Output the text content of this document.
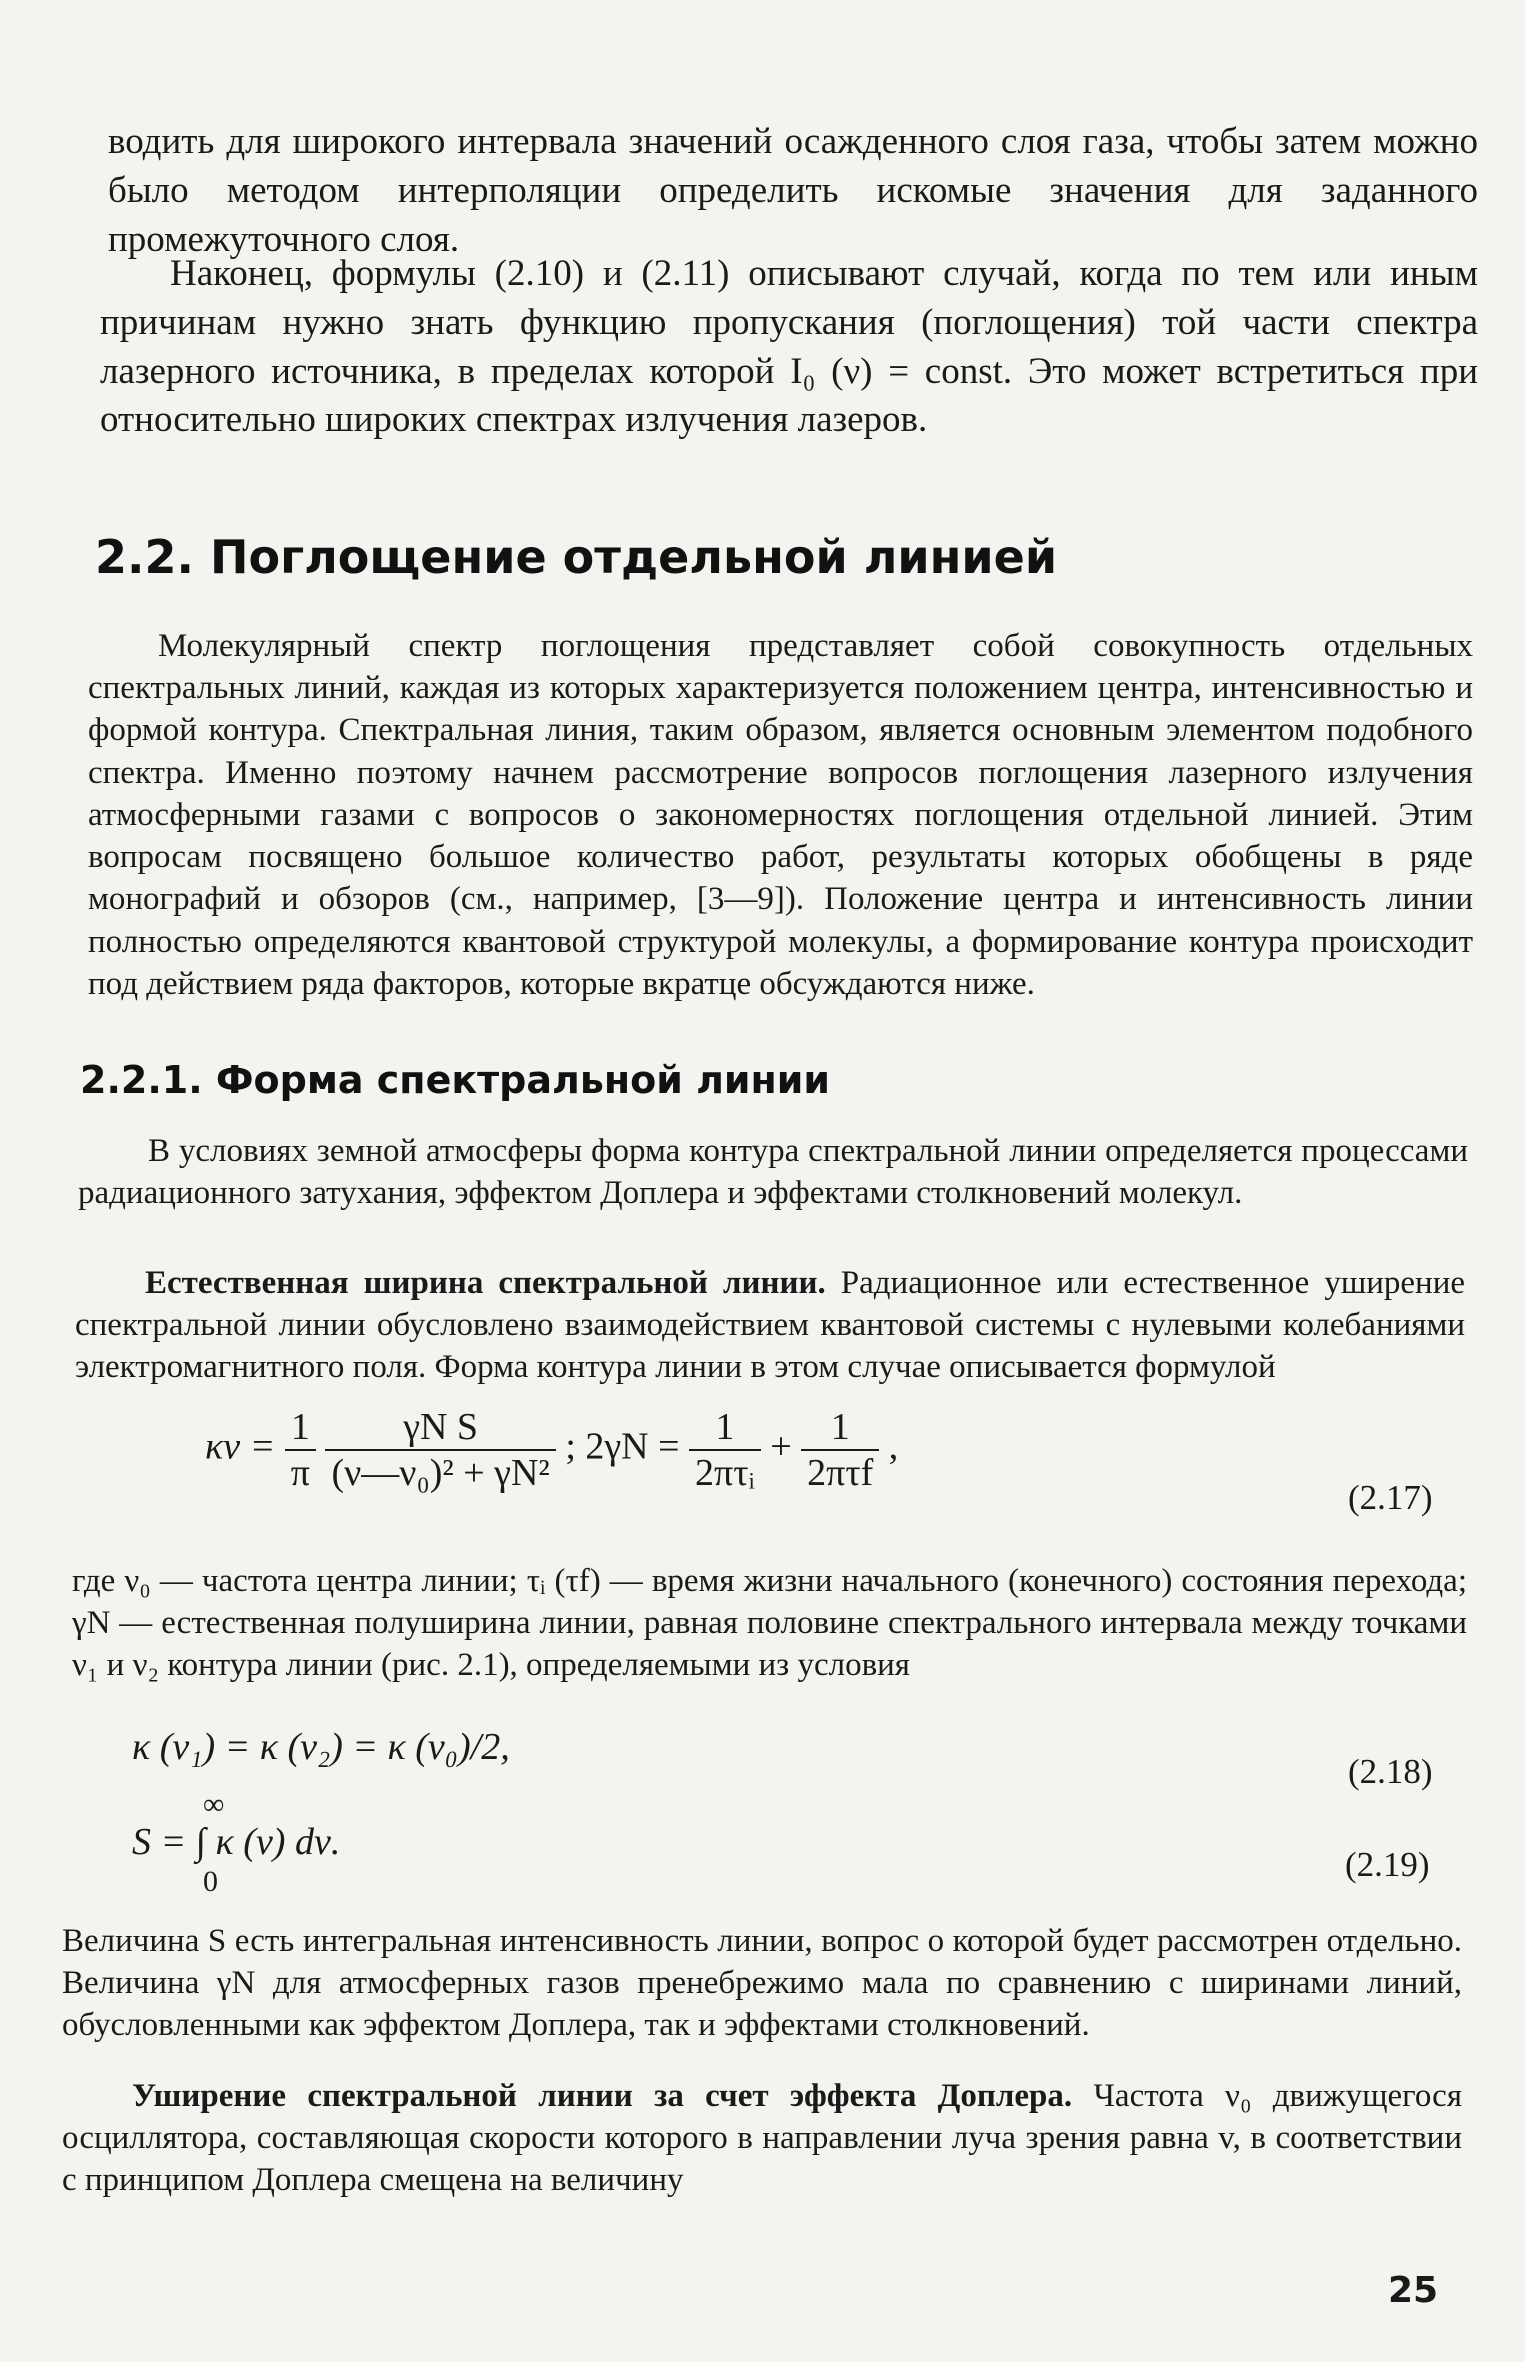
водить для широкого интервала значений осажденного слоя газа, чтобы затем можно было методом интерполяции определить искомые значения для заданного промежуточного слоя.

Наконец, формулы (2.10) и (2.11) описывают случай, когда по тем или иным причинам нужно знать функцию пропускания (поглощения) той части спектра лазерного источника, в пределах которой I₀ (ν) = const. Это может встретиться при относительно широких спектрах излучения лазеров.

2.2. Поглощение отдельной линией

Молекулярный спектр поглощения представляет собой совокупность отдельных спектральных линий, каждая из которых характеризуется положением центра, интенсивностью и формой контура. Спектральная линия, таким образом, является основным элементом подобного спектра. Именно поэтому начнем рассмотрение вопросов поглощения лазерного излучения атмосферными газами с вопросов о закономерностях поглощения отдельной линией. Этим вопросам посвящено большое количество работ, результаты которых обобщены в ряде монографий и обзоров (см., например, [3—9]). Положение центра и интенсивность линии полностью определяются квантовой структурой молекулы, а формирование контура происходит под действием ряда факторов, которые вкратце обсуждаются ниже.

2.2.1. Форма спектральной линии

В условиях земной атмосферы форма контура спектральной линии определяется процессами радиационного затухания, эффектом Доплера и эффектами столкновений молекул.

Естественная ширина спектральной линии. Радиационное или естественное уширение спектральной линии обусловлено взаимодействием квантовой системы с нулевыми колебаниями электромагнитного поля. Форма контура линии в этом случае описывается формулой

$\kappa\nu = \frac{1}{\pi}$
$\frac{\text{γN S}}{\text{(ν—ν₀)² + γN²}}$ ; $2\gamma N = \frac{1}{\text{2πτᵢ}} + \frac{1}{\text{2πτf}}$ ,
(2.17)

где ν₀ — частота центра линии; τᵢ (τf) — время жизни начального (конечного) состояния перехода; γN — естественная полуширина линии, равная половине спектрального интервала между точками ν₁ и ν₂ контура линии (рис. 2.1), определяемыми из условия

κ (ν₁) = κ (ν₂) = κ (ν₀)/2,
(2.18)
∞
S = ∫ κ (ν) dν.
0	(2.19)

Величина S есть интегральная интенсивность линии, вопрос о которой будет рассмотрен отдельно. Величина γN для атмосферных газов пренебрежимо мала по сравнению с ширинами линий, обусловленными как эффектом Доплера, так и эффектами столкновений.

Уширение спектральной линии за счет эффекта Доплера. Частота ν₀ движущегося осциллятора, составляющая скорости которого в направлении луча зрения равна v, в соответствии с принципом Доплера смещена на величину

25
